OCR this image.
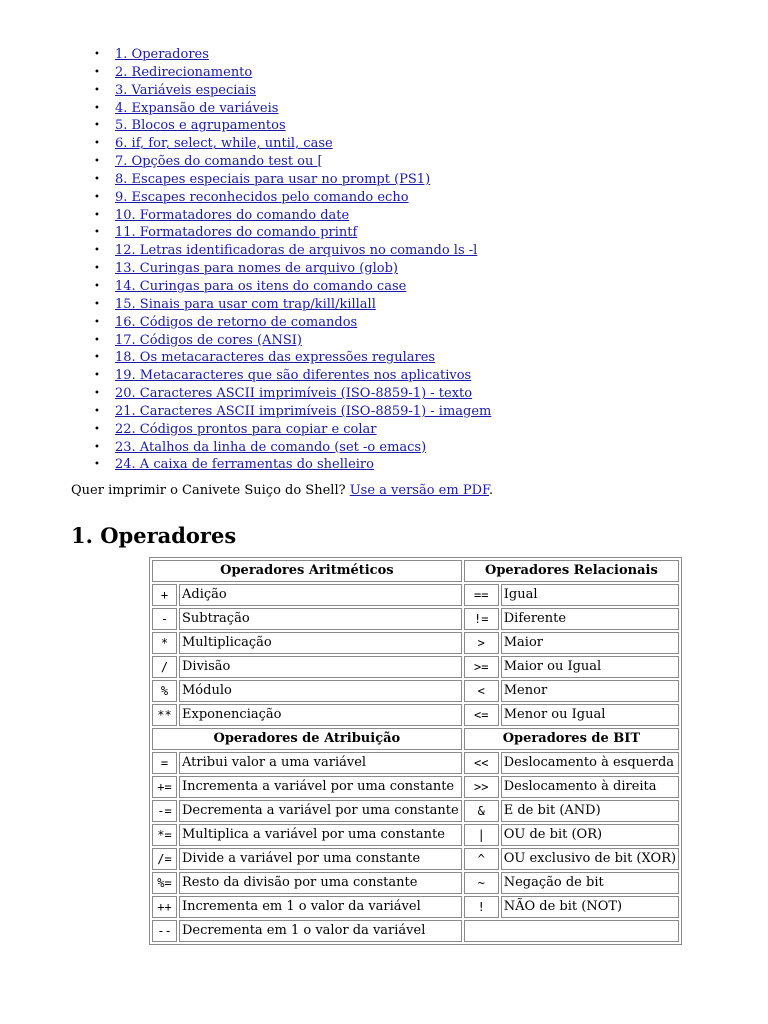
• 1. Operadores
• 2. Redirecionamento
• 3. Variáveis especiais
• 4. Expansão de variáveis
• 5. Blocos e agrupamentos
• 6. if, for, select, while, until, case
• 7. Opções do comando test ou [
• 8. Escapes especiais para usar no prompt (PS1)
• 9. Escapes reconhecidos pelo comando echo
• 10. Formatadores do comando date
• 11. Formatadores do comando printf
• 12. Letras identificadoras de arquivos no comando ls -l
• 13. Curingas para nomes de arquivo (glob)
• 14. Curingas para os itens do comando case
• 15. Sinais para usar com trap/kill/killall
• 16. Códigos de retorno de comandos
• 17. Códigos de cores (ANSI)
• 18. Os metacaracteres das expressões regulares
• 19. Metacaracteres que são diferentes nos aplicativos
• 20. Caracteres ASCII imprimíveis (ISO-8859-1) - texto
• 21. Caracteres ASCII imprimíveis (ISO-8859-1) - imagem
• 22. Códigos prontos para copiar e colar
• 23. Atalhos da linha de comando (set -o emacs)
• 24. A caixa de ferramentas do shelleiro
Quer imprimir o Canivete Suiço do Shell? Use a versão em PDF.
1. Operadores
Operadores Aritméticos		Operadores Relacionais	
+	Adição	==	Igual
-	Subtração	!=	Diferente
*	Multiplicação	>	Maior
/	Divisão	>=	Maior ou Igual
%	Módulo	<	Menor
**	Exponenciação	<=	Menor ou Igual
Operadores de Atribuição		Operadores de BIT	
=	Atribui valor a uma variável	<<	Deslocamento à esquerda
+=	Incrementa a variável por uma constante	>>	Deslocamento à direita
-=	Decrementa a variável por uma constante	&	E de bit (AND)
*=	Multiplica a variável por uma constante	|	OU de bit (OR)
/=	Divide a variável por uma constante	^	OU exclusivo de bit (XOR)
%=	Resto da divisão por uma constante	~	Negação de bit
++	Incrementa em 1 o valor da variável	!	NÃO de bit (NOT)
--	Decrementa em 1 o valor da variável		
